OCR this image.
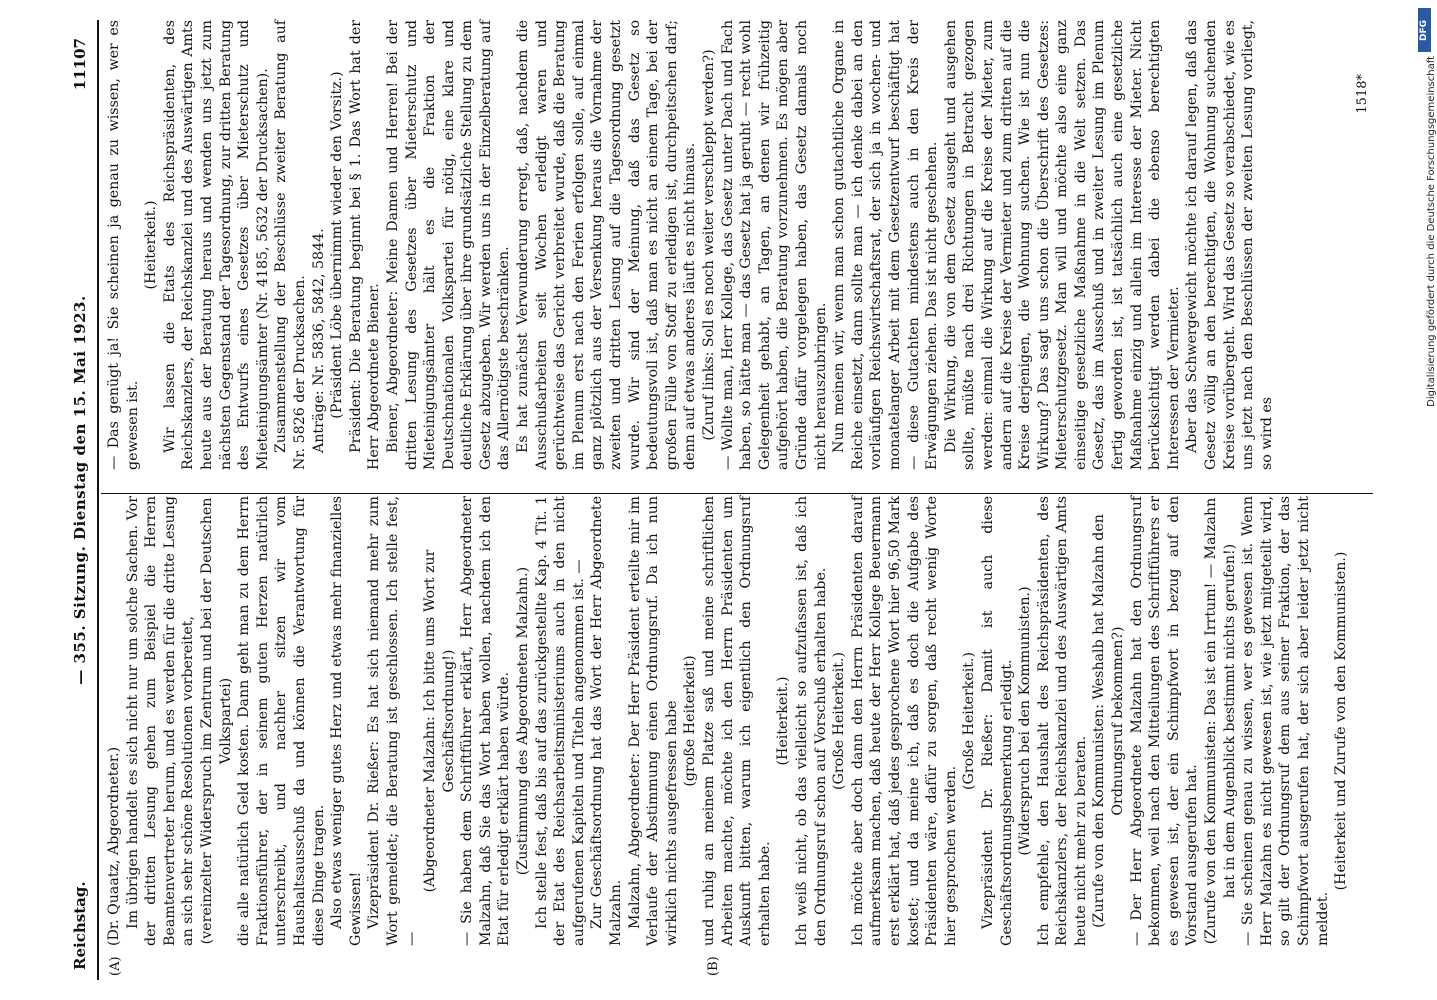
Reichstag.
— 355. Sitzung. Dienstag den 15. Mai 1923.
11107
(A)	(B)

(Dr. Quaatz, Abgeordneter.) Im übrigen handelt es sich nicht nur um solche Sachen. Vor der dritten Lesung gehen zum Beispiel die Herren Beamtenvertreter herum, und es werden für die dritte Lesung an sich sehr schöne Resolutionen vorbereitet, (vereinzelter Widerspruch im Zentrum und bei der Deutschen Volkspartei) die alle natürlich Geld kosten. Dann geht man zu dem Herrn Fraktionsführer, der in seinem guten Herzen natürlich unterschreibt, und nachher sitzen wir vom Haushaltsausschuß da und können die Verantwortung für diese Dinge tragen. Also etwas weniger gutes Herz und etwas mehr finanzielles Gewissen! Vizepräsident Dr. Rießer: Es hat sich niemand mehr zum Wort gemeldet; die Beratung ist geschlossen. Ich stelle fest, —

(Abgeordneter Malzahn: Ich bitte ums Wort zur Geschäftsordnung!) — Sie haben dem Schriftführer erklärt, Herr Abgeordneter Malzahn, daß Sie das Wort haben wollen, nachdem ich den Etat für erledigt erklärt haben würde. (Zustimmung des Abgeordneten Malzahn.) Ich stelle fest, daß bis auf das zurückgestellte Kap. 4 Tit. 1 der Etat des Reichsarbeitsministeriums auch in den nicht aufgerufenen Kapiteln und Titeln angenommen ist. — Zur Geschäftsordnung hat das Wort der Herr Abgeordnete Malzahn. Malzahn, Abgeordneter: Der Herr Präsident erteilte mir im Verlaufe der Abstimmung einen Ordnungsruf. Da ich nun wirklich nichts ausgefressen habe (große Heiterkeit) und ruhig an meinem Platze saß und meine schriftlichen Arbeiten machte, möchte ich den Herrn Präsidenten um Auskunft bitten, warum ich eigentlich den Ordnungsruf erhalten habe.

(Heiterkeit.) Ich weiß nicht, ob das vielleicht so aufzufassen ist, daß ich den Ordnungsruf schon auf Vorschuß erhalten habe. (Große Heiterkeit.) Ich möchte aber doch dann den Herrn Präsidenten darauf aufmerksam machen, daß heute der Herr Kollege Beuermann erst erklärt hat, daß jedes gesprochene Wort hier 96,50 Mark kostet; und da meine ich, daß es doch die Aufgabe des Präsidenten wäre, dafür zu sorgen, daß recht wenig Worte hier gesprochen werden.

(Große Heiterkeit.) Vizepräsident Dr. Rießer: Damit ist auch diese Geschäftsordnungsbemerkung erledigt. (Widerspruch bei den Kommunisten.) Ich empfehle, den Haushalt des Reichspräsidenten, des Reichskanzlers, der Reichskanzlei und des Auswärtigen Amts heute nicht mehr zu beraten. (Zurufe von den Kommunisten: Weshalb hat Malzahn den Ordnungsruf bekommen?) — Der Herr Abgeordnete Malzahn hat den Ordnungsruf bekommen, weil nach den Mitteilungen des Schriftführers er es gewesen ist, der ein Schimpfwort in bezug auf den Vorstand ausgerufen hat. (Zurufe von den Kommunisten: Das ist ein Irrtum! — Malzahn hat in dem Augenblick bestimmt nichts gerufen!) — Sie scheinen genau zu wissen, wer es gewesen ist. Wenn Herr Malzahn es nicht gewesen ist, wie jetzt mitgeteilt wird, so gilt der Ordnungsruf dem aus seiner Fraktion, der das Schimpfwort ausgerufen hat, der sich aber leider jetzt nicht meldet.

(Heiterkeit und Zurufe von den Kommunisten.)

— Das genügt ja! Sie scheinen ja genau zu wissen, wer es gewesen ist.

(Heiterkeit.) Wir lassen die Etats des Reichspräsidenten, des Reichskanzlers, der Reichskanzlei und des Auswärtigen Amts heute aus der Beratung heraus und wenden uns jetzt zum nächsten Gegenstand der Tagesordnung, zur dritten Beratung des Entwurfs eines Gesetzes über Mieterschutz und Mieteinigungsämter (Nr. 4185, 5632 der Drucksachen). Zusammenstellung der Beschlüsse zweiter Beratung auf Nr. 5826 der Drucksachen. Anträge: Nr. 5836, 5842, 5844. (Präsident Löbe übernimmt wieder den Vorsitz.) Präsident: Die Beratung beginnt bei § 1. Das Wort hat der Herr Abgeordnete Biener. Biener, Abgeordneter: Meine Damen und Herren! Bei der dritten Lesung des Gesetzes über Mieterschutz und Mieteinigungsämter hält es die Fraktion der Deutschnationalen Volkspartei für nötig, eine klare und deutliche Erklärung über ihre grundsätzliche Stellung zu dem Gesetz abzugeben. Wir werden uns in der Einzelberatung auf das Allernötigste beschränken. Es hat zunächst Verwunderung erregt, daß, nachdem die Ausschußarbeiten seit Wochen erledigt waren und gerüchtweise das Gericht verbreitet wurde, daß die Beratung im Plenum erst nach den Ferien erfolgen solle, auf einmal ganz plötzlich aus der Versenkung heraus die Vornahme der zweiten und dritten Lesung auf die Tagesordnung gesetzt wurde. Wir sind der Meinung, daß das Gesetz so bedeutungsvoll ist, daß man es nicht an einem Tage, bei der großen Fülle von Stoff zu erledigen ist, durchpeitschen darf; denn auf etwas anderes läuft es nicht hinaus. (Zuruf links: Soll es noch weiter verschleppt werden?) — Wollte man, Herr Kollege, das Gesetz unter Dach und Fach haben, so hätte man — das Gesetz hat ja geruht — recht wohl Gelegenheit gehabt, an Tagen, an denen wir frühzeitig aufgehört haben, die Beratung vorzunehmen. Es mögen aber Gründe dafür vorgelegen haben, das Gesetz damals noch nicht herauszubringen. Nun meinen wir, wenn man schon gutachtliche Organe in Reiche einsetzt, dann sollte man — ich denke dabei an den vorläufigen Reichswirtschaftsrat, der sich ja in wochen- und monatelanger Arbeit mit dem Gesetzentwurf beschäftigt hat — diese Gutachten mindestens auch in den Kreis der Erwägungen ziehen. Das ist nicht geschehen. Die Wirkung, die von dem Gesetz ausgeht und ausgehen sollte, müßte nach drei Richtungen in Betracht gezogen werden: einmal die Wirkung auf die Kreise der Mieter, zum andern auf die Kreise der Vermieter und zum dritten auf die Kreise derjenigen, die Wohnung suchen. Wie ist nun die Wirkung? Das sagt uns schon die Überschrift des Gesetzes: Mieterschutzgesetz. Man will und möchte also eine ganz einseitige gesetzliche Maßnahme in die Welt setzen. Das Gesetz, das im Ausschuß und in zweiter Lesung im Plenum fertig geworden ist, ist tatsächlich auch eine gesetzliche Maßnahme einzig und allein im Interesse der Mieter. Nicht berücksichtigt werden dabei die ebenso berechtigten Interessen der Vermieter. Aber das Schwergewicht möchte ich darauf legen, daß das Gesetz völlig an den berechtigten, die Wohnung suchenden Kreise vorübergeht. Wird das Gesetz so verabschiedet, wie es uns jetzt nach den Beschlüssen der zweiten Lesung vorliegt, so wird es

1518*
DFG
Digitalisierung gefördert durch die Deutsche Forschungsgemeinschaft
